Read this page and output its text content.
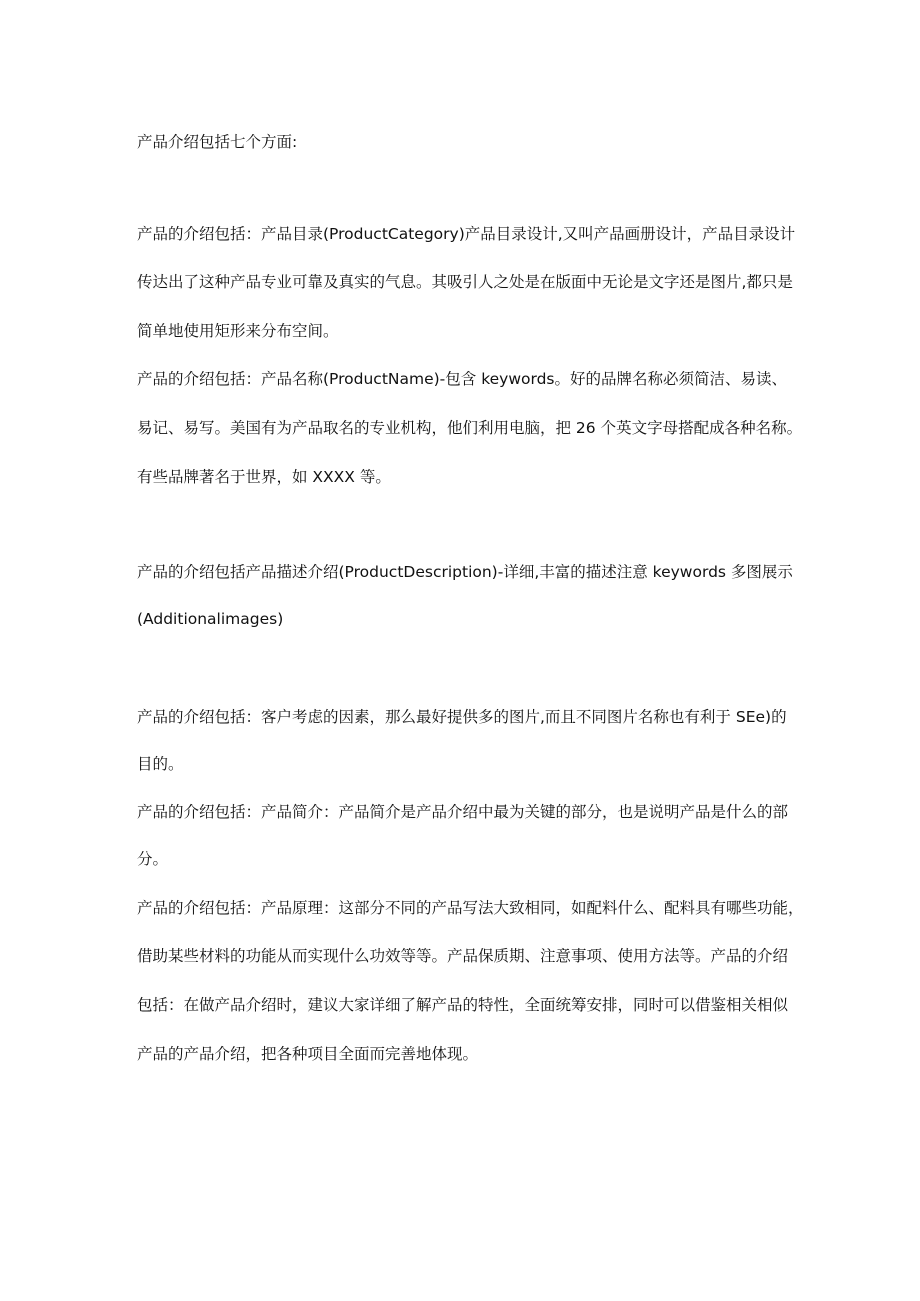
产品介绍包括七个方面:
产品的介绍包括：产品目录(ProductCategory)产品目录设计,又叫产品画册设计，产品目录设计
传达出了这种产品专业可靠及真实的气息。其吸引人之处是在版面中无论是文字还是图片,都只是
简单地使用矩形来分布空间。
产品的介绍包括：产品名称(ProductName)-包含 keywords。好的品牌名称必须简洁、易读、
易记、易写。美国有为产品取名的专业机构，他们利用电脑，把 26 个英文字母搭配成各种名称。
有些品牌著名于世界，如 XXXX 等。
产品的介绍包括产品描述介绍(ProductDescription)-详细,丰富的描述注意 keywords 多图展示
(Additionalimages)
产品的介绍包括：客户考虑的因素，那么最好提供多的图片,而且不同图片名称也有利于 SEe)的
目的。
产品的介绍包括：产品简介：产品简介是产品介绍中最为关键的部分，也是说明产品是什么的部
分。
产品的介绍包括：产品原理：这部分不同的产品写法大致相同，如配料什么、配料具有哪些功能，
借助某些材料的功能从而实现什么功效等等。产品保质期、注意事项、使用方法等。产品的介绍
包括：在做产品介绍时，建议大家详细了解产品的特性，全面统筹安排，同时可以借鉴相关相似
产品的产品介绍，把各种项目全面而完善地体现。
